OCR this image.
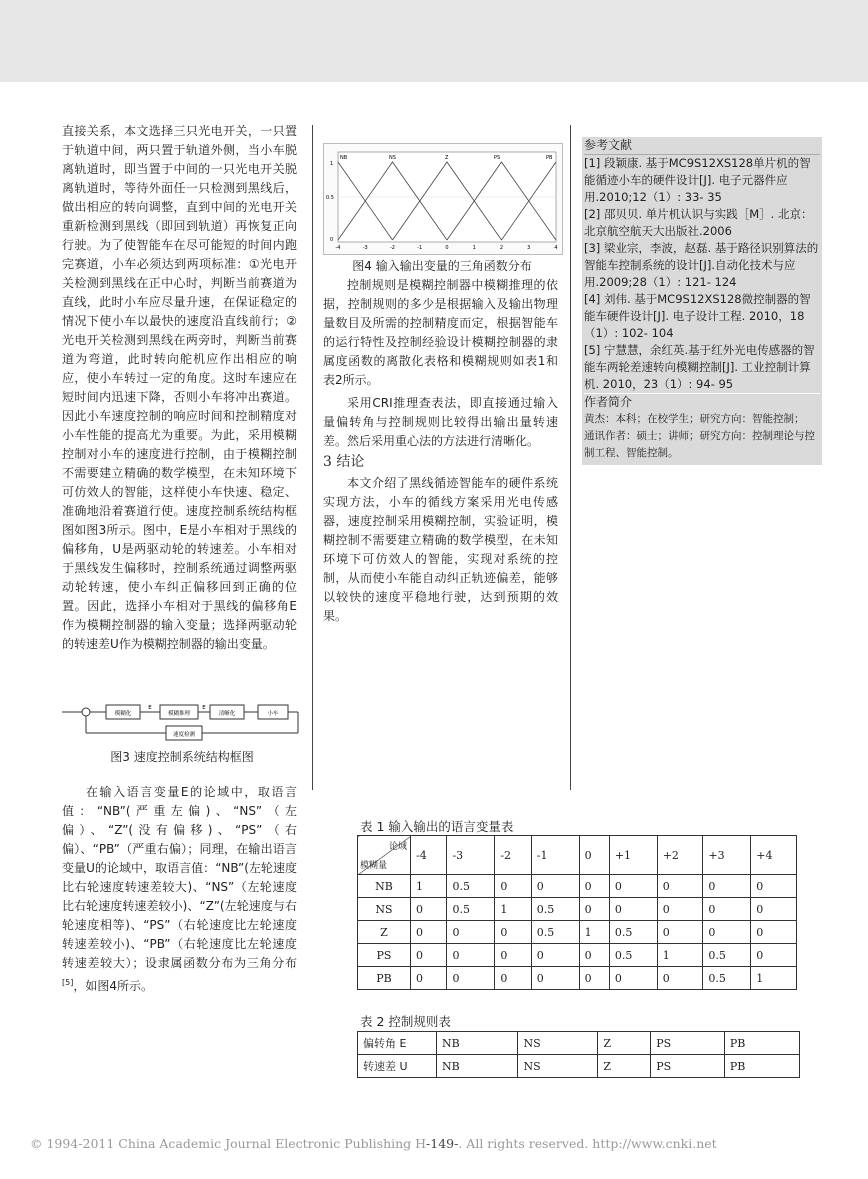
直接关系，本文选择三只光电开关，一只置于轨道中间，两只置于轨道外侧，当小车脱离轨道时，即当置于中间的一只光电开关脱离轨道时，等待外面任一只检测到黑线后，做出相应的转向调整，直到中间的光电开关重新检测到黑线（即回到轨道）再恢复正向行驶。为了使智能车在尽可能短的时间内跑完赛道，小车必须达到两项标准：①光电开关检测到黑线在正中心时，判断当前赛道为直线，此时小车应尽量升速，在保证稳定的情况下使小车以最快的速度沿直线前行；②光电开关检测到黑线在两旁时，判断当前赛道为弯道，此时转向舵机应作出相应的响应，使小车转过一定的角度。这时车速应在短时间内迅速下降，否则小车将冲出赛道。因此小车速度控制的响应时间和控制精度对小车性能的提高尤为重要。为此，采用模糊控制对小车的速度进行控制，由于模糊控制不需要建立精确的数学模型，在未知环境下可仿效人的智能，这样使小车快速、稳定、准确地沿着赛道行使。速度控制系统结构框图如图3所示。图中，E是小车相对于黑线的偏移角，U是两驱动轮的转速差。小车相对于黑线发生偏移时，控制系统通过调整两驱动轮转速，使小车纠正偏移回到正确的位置。因此，选择小车相对于黑线的偏移角E作为模糊控制器的输入变量；选择两驱动轮的转速差U作为模糊控制器的输出变量。

模糊化	模糊推理	清晰化	小车
速度检测
E	E
图3 速度控制系统结构框图

在输入语言变量E的论域中，取语言值：“NB”(严重左偏)、“NS”（左偏）、“Z”(没有偏移)、“PS”（右偏）、“PB”（严重右偏）；同理，在输出语言变量U的论域中，取语言值：“NB”(左轮速度比右轮速度转速差较大)、“NS”（左轮速度比右轮速度转速差较小)、“Z”(左轮速度与右轮速度相等)、“PS”（右轮速度比左轮速度转速差较小)、“PB”（右轮速度比左轮速度转速差较大）；设隶属函数分布为三角分布[5]，如图4所示。

NB	NS	Z	PS	PB
1
0.5
0
-4	-3	-2	-1	0	1	2	3	4
图4 输入输出变量的三角函数分布

控制规则是模糊控制器中模糊推理的依据，控制规则的多少是根据输入及输出物理量数目及所需的控制精度而定，根据智能车的运行特性及控制经验设计模糊控制器的隶属度函数的离散化表格和模糊规则如表1和表2所示。

采用CRI推理查表法，即直接通过输入量偏转角与控制规则比较得出输出量转速差。然后采用重心法的方法进行清晰化。

3 结论

本文介绍了黑线循迹智能车的硬件系统实现方法，小车的循线方案采用光电传感器，速度控制采用模糊控制，实验证明，模糊控制不需要建立精确的数学模型，在未知环境下可仿效人的智能，实现对系统的控制，从而使小车能自动纠正轨迹偏差，能够以较快的速度平稳地行驶，达到预期的效果。

参考文献
[1] 段颖康. 基于MC9S12XS128单片机的智能循迹小车的硬件设计[J]. 电子元器件应用.2010;12（1）: 33- 35
[2] 邵贝贝. 单片机认识与实践［M］. 北京：北京航空航天大出版社.2006
[3] 梁业宗，李波，赵磊. 基于路径识别算法的智能车控制系统的设计[J].自动化技术与应用.2009;28（1）: 121- 124
[4] 刘伟. 基于MC9S12XS128微控制器的智能车硬件设计[J]. 电子设计工程. 2010，18（1）: 102- 104
[5] 宁慧慧，余红英.基于红外光电传感器的智能车两轮差速转向模糊控制[J]. 工业控制计算机. 2010，23（1）: 94- 95
作者简介
黄杰：本科；在校学生；研究方向：智能控制；
通讯作者：硕士；讲师；研究方向：控制理论与控制工程、智能控制。
表 1 输入输出的语言变量表
论域
模糊量	-4	-3	-2	-1	0	+1	+2	+3	+4
NB	1	0.5	0	0	0	0	0	0	0
NS	0	0.5	1	0.5	0	0	0	0	0
Z	0	0	0	0.5	1	0.5	0	0	0
PS	0	0	0	0	0	0.5	1	0.5	0
PB	0	0	0	0	0	0	0	0.5	1
表 2 控制规则表
偏转角 E	NB	NS	Z	PS	PB
转速差 U	NB	NS	Z	PS	PB
© 1994-2011 China Academic Journal Electronic Publishing H-149-. All rights reserved. http://www.cnki.net
